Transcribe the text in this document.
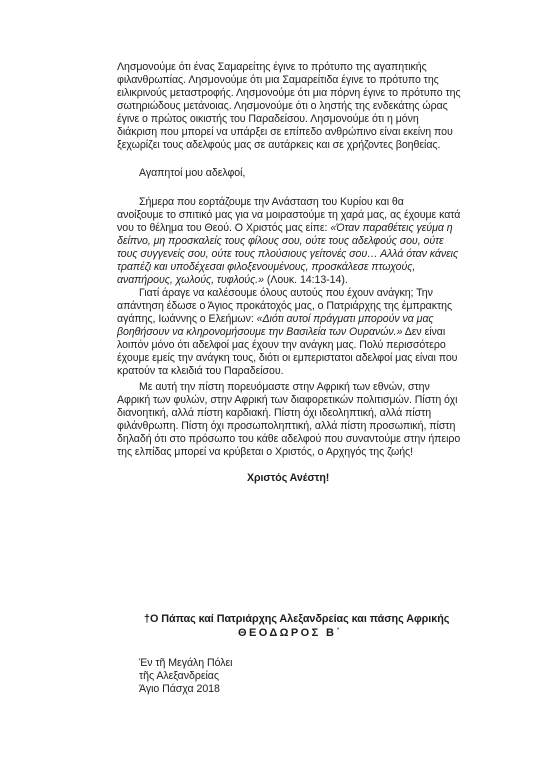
Λησμονούμε ότι ένας Σαμαρείτης έγινε το πρότυπο της αγαπητικής
φιλανθρωπίας. Λησμονούμε ότι μια Σαμαρείτιδα έγινε το πρότυπο της
ειλικρινούς μεταστροφής. Λησμονούμε ότι μια πόρνη έγινε το πρότυπο της
σωτηριώδους μετάνοιας. Λησμονούμε ότι ο ληστής της ενδεκάτης ώρας
έγινε ο πρώτος οικιστής του Παραδείσου. Λησμονούμε ότι η μόνη
διάκριση που μπορεί να υπάρξει σε επίπεδο ανθρώπινο είναι εκείνη που
ξεχωρίζει τους αδελφούς μας σε αυτάρκεις και σε χρήζοντες βοηθείας.
Αγαπητοί μου αδελφοί,
Σήμερα που εορτάζουμε την Ανάσταση του Κυρίου και θα
ανοίξουμε το σπιτικό μας για να μοιραστούμε τη χαρά μας, ας έχουμε κατά
νου το θέλημα του Θεού. Ο Χριστός μας είπε: «Όταν παραθέτεις γεύμα η
δείπνο, μη προσκαλείς τους φίλους σου, ούτε τους αδελφούς σου, ούτε
τους συγγενείς σου, ούτε τους πλούσιους γείτονές σου… Αλλά όταν κάνεις
τραπέζι και υποδέχεσαι φιλοξενουμένους, προσκάλεσε πτωχούς,
αναπήρους, χωλούς, τυφλούς.» (Λουκ. 14:13-14).
Γιατί άραγε να καλέσουμε όλους αυτούς που έχουν ανάγκη; Την
απάντηση έδωσε ο Άγιος προκάτοχός μας, ο Πατριάρχης της έμπρακτης
αγάπης, Ιωάννης ο Ελεήμων: «Διότι αυτοί πράγματι μπορούν να μας
βοηθήσουν να κληρονομήσουμε την Βασιλεία των Ουρανών.» Δεν είναι
λοιπόν μόνο ότι αδελφοί μας έχουν την ανάγκη μας. Πολύ περισσότερο
έχουμε εμείς την ανάγκη τους, διότι οι εμπεριστατοι αδελφοί μας είναι που
κρατούν τα κλειδιά του Παραδείσου.
Με αυτή την πίστη πορευόμαστε στην Αφρική των εθνών, στην
Αφρική των φυλών, στην Αφρική των διαφορετικών πολιτισμών. Πίστη όχι
διανοητική, αλλά πίστη καρδιακή. Πίστη όχι ιδεοληπτική, αλλά πίστη
φιλάνθρωπη. Πίστη όχι προσωποληπτική, αλλά πίστη προσωπική, πίστη
δηλαδή ότι στο πρόσωπο του κάθε αδελφού που συναντούμε στην ήπειρο
της ελπίδας μπορεί να κρύβεται ο Χριστός, ο Αρχηγός της ζωής!
Χριστός Ανέστη!
†Ο Πάπας καί Πατριάρχης Αλεξανδρείας και πάσης Αφρικής
ΘΕΟΔΩΡΟΣ Β΄
Έν τῆ Μεγάλη Πόλει
τῆς Αλεξανδρείας
Άγιο Πάσχα 2018
